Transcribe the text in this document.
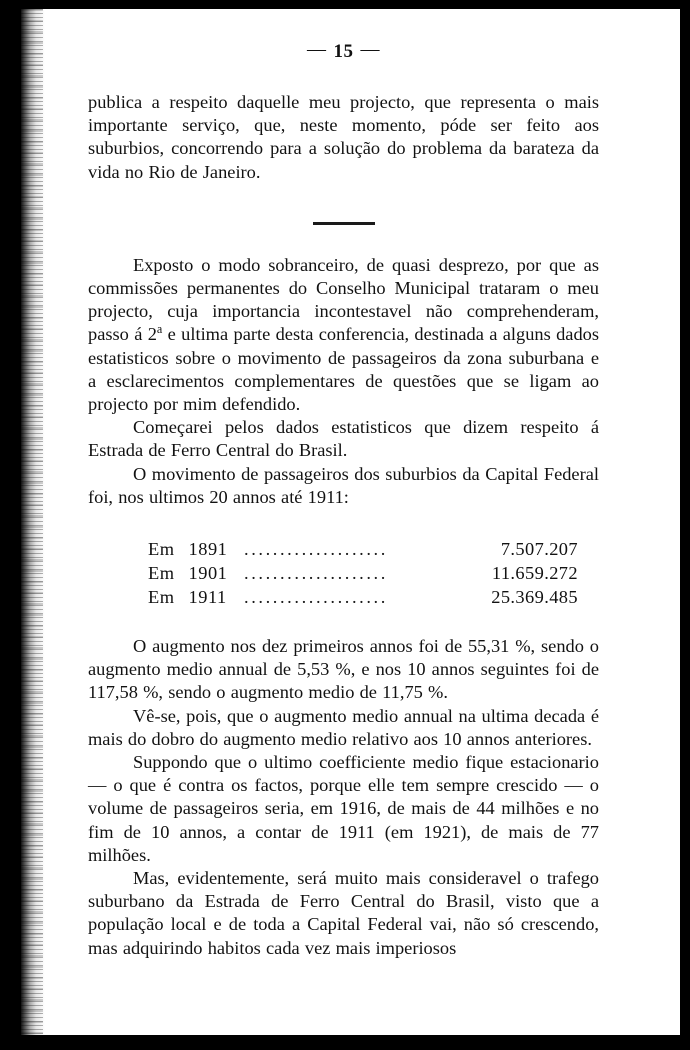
— 15 —

publica a respeito daquelle meu projecto, que representa o mais importante serviço, que, neste momento, póde ser feito aos suburbios, concorrendo para a solução do problema da barateza da vida no Rio de Janeiro.

Exposto o modo sobranceiro, de quasi desprezo, por que as commissões permanentes do Conselho Municipal trataram o meu projecto, cuja importancia incontestavel não comprehenderam, passo á 2$^a$ e ultima parte desta conferencia, destinada a alguns dados estatisticos sobre o movimento de passageiros da zona suburbana e a esclarecimentos complementares de questões que se ligam ao projecto por mim defendido.

Começarei pelos dados estatisticos que dizem respeito á Estrada de Ferro Central do Brasil.

O movimento de passageiros dos suburbios da Capital Federal foi, nos ultimos 20 annos até 1911:

Em 1891	....................	7.507.207
Em 1901	....................	11.659.272
Em 1911	....................	25.369.485

O augmento nos dez primeiros annos foi de 55,31 %, sendo o augmento medio annual de 5,53 %, e nos 10 annos seguintes foi de 117,58 %, sendo o augmento medio de 11,75 %.

Vê-se, pois, que o augmento medio annual na ultima decada é mais do dobro do augmento medio relativo aos 10 annos anteriores.

Suppondo que o ultimo coefficiente medio fique estacionario — o que é contra os factos, porque elle tem sempre crescido — o volume de passageiros seria, em 1916, de mais de 44 milhões e no fim de 10 annos, a contar de 1911 (em 1921), de mais de 77 milhões.

Mas, evidentemente, será muito mais consideravel o trafego suburbano da Estrada de Ferro Central do Brasil, visto que a população local e de toda a Capital Federal vai, não só crescendo, mas adquirindo habitos cada vez mais imperiosos
